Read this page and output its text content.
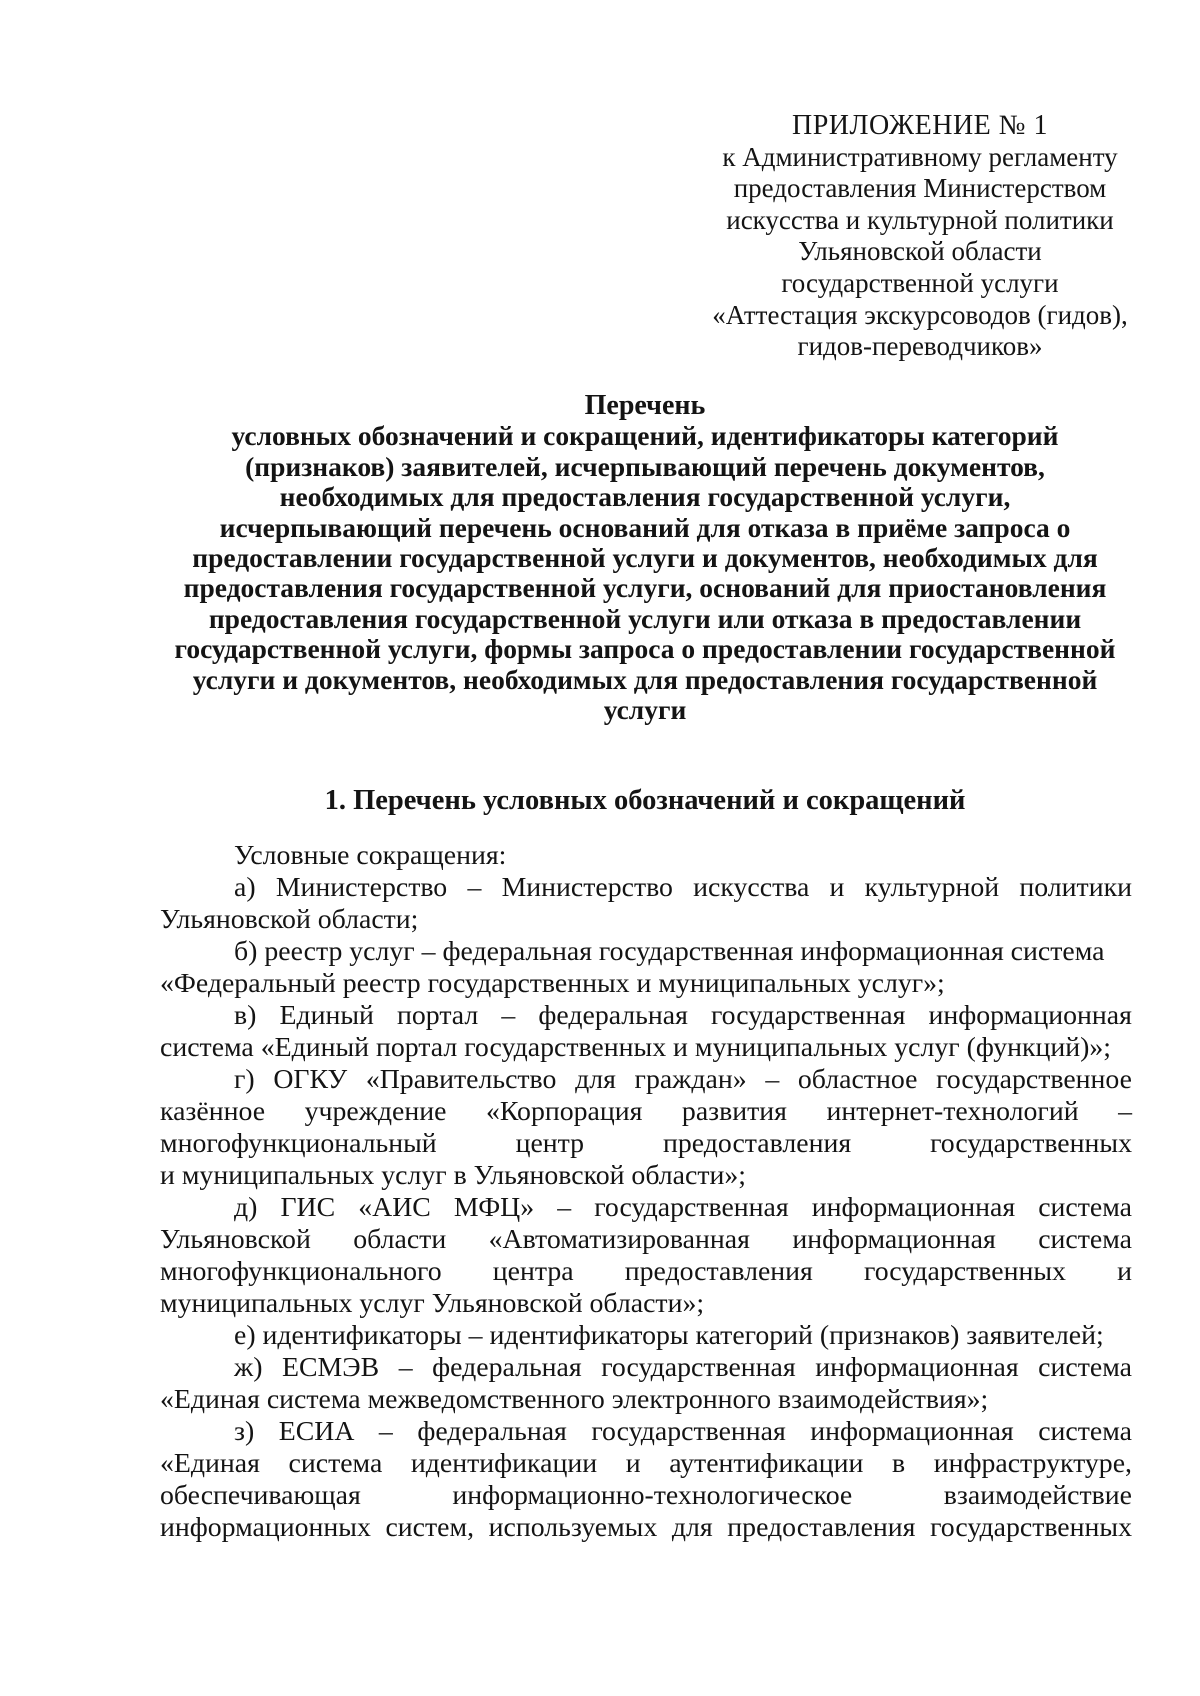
ПРИЛОЖЕНИЕ № 1
к Административному регламенту
предоставления Министерством
искусства и культурной политики
Ульяновской области
государственной услуги
«Аттестация экскурсоводов (гидов),
гидов-переводчиков»
Перечень
условных обозначений и сокращений, идентификаторы категорий
(признаков) заявителей, исчерпывающий перечень документов,
необходимых для предоставления государственной услуги,
исчерпывающий перечень оснований для отказа в приёме запроса о
предоставлении государственной услуги и документов, необходимых для
предоставления государственной услуги, оснований для приостановления
предоставления государственной услуги или отказа в предоставлении
государственной услуги, формы запроса о предоставлении государственной
услуги и документов, необходимых для предоставления государственной
услуги
1. Перечень условных обозначений и сокращений
Условные сокращения:
а) Министерство – Министерство искусства и культурной политики
Ульяновской области;
б) реестр услуг – федеральная государственная информационная система
«Федеральный реестр государственных и муниципальных услуг»;
в) Единый портал – федеральная государственная информационная
система «Единый портал государственных и муниципальных услуг (функций)»;
г) ОГКУ «Правительство для граждан» – областное государственное
казённое учреждение «Корпорация развития интернет-технологий –
многофункциональный	центр	предоставления	государственных
и муниципальных услуг в Ульяновской области»;
д) ГИС «АИС МФЦ» – государственная информационная система
Ульяновской области «Автоматизированная информационная система
многофункционального центра предоставления государственных и
муниципальных услуг Ульяновской области»;
е) идентификаторы – идентификаторы категорий (признаков) заявителей;
ж) ЕСМЭВ – федеральная государственная информационная система
«Единая система межведомственного электронного взаимодействия»;
з) ЕСИА – федеральная государственная информационная система
«Единая система идентификации и аутентификации в инфраструктуре,
обеспечивающая	информационно-технологическое	взаимодействие
информационных систем, используемых для предоставления государственных
